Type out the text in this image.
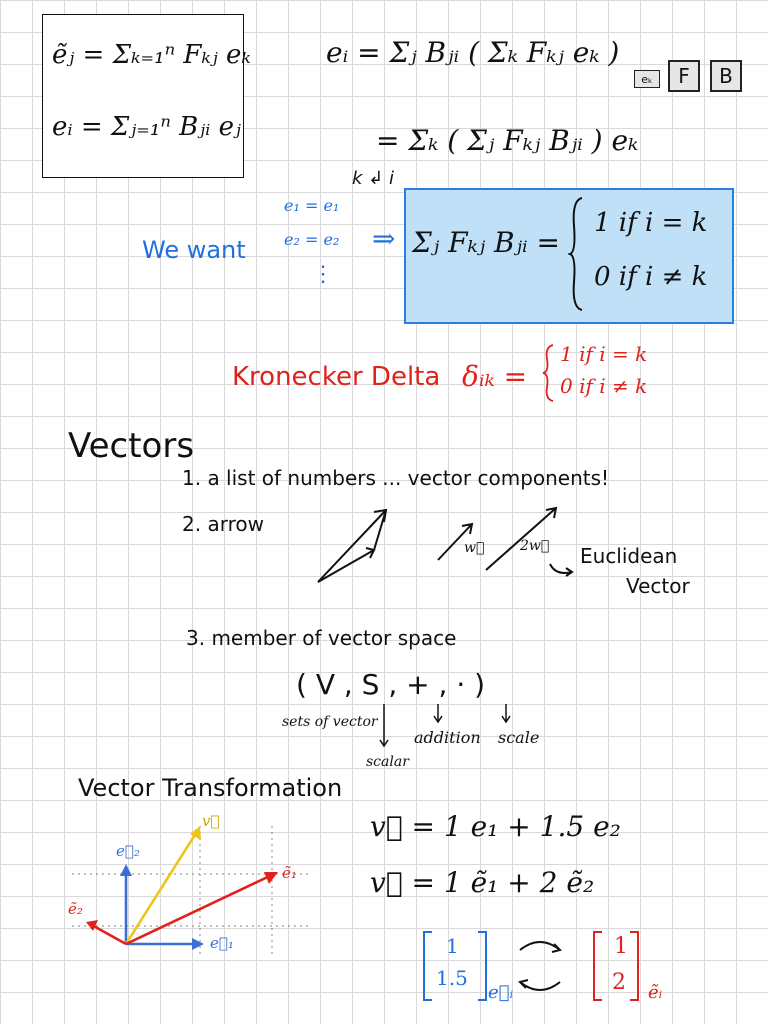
eₖ	F	B
ẽⱼ = Σₖ₌₁ⁿ Fₖⱼ eₖ
eᵢ = Σⱼ₌₁ⁿ Bⱼᵢ eⱼ
eᵢ = Σⱼ Bⱼᵢ ( Σₖ Fₖⱼ eₖ )
= Σₖ ( Σⱼ Fₖⱼ Bⱼᵢ ) eₖ
k ↲ i
We want
e₁ = e₁
e₂ = e₂
⋮
⇒ Σⱼ Fₖⱼ Bⱼᵢ =
1 if i = k
0 if i ≠ k
Kronecker Delta δᵢₖ =
1 if i = k
0 if i ≠ k
Vectors
1. a list of numbers ... vector components!
2. arrow
w⃗	2w⃗ Euclidean
Vector
3. member of vector space
( V , S , + , · )
sets of vector
addition scale
scalar
Vector Transformation
v⃗
e⃗₂
ẽ₁
ẽ₂
e⃗₁
v⃗ = 1 e₁ + 1.5 e₂
v⃗ = 1 ẽ₁ + 2 ẽ₂
1
1.5
e⃗ᵢ
1
2 ẽᵢ
